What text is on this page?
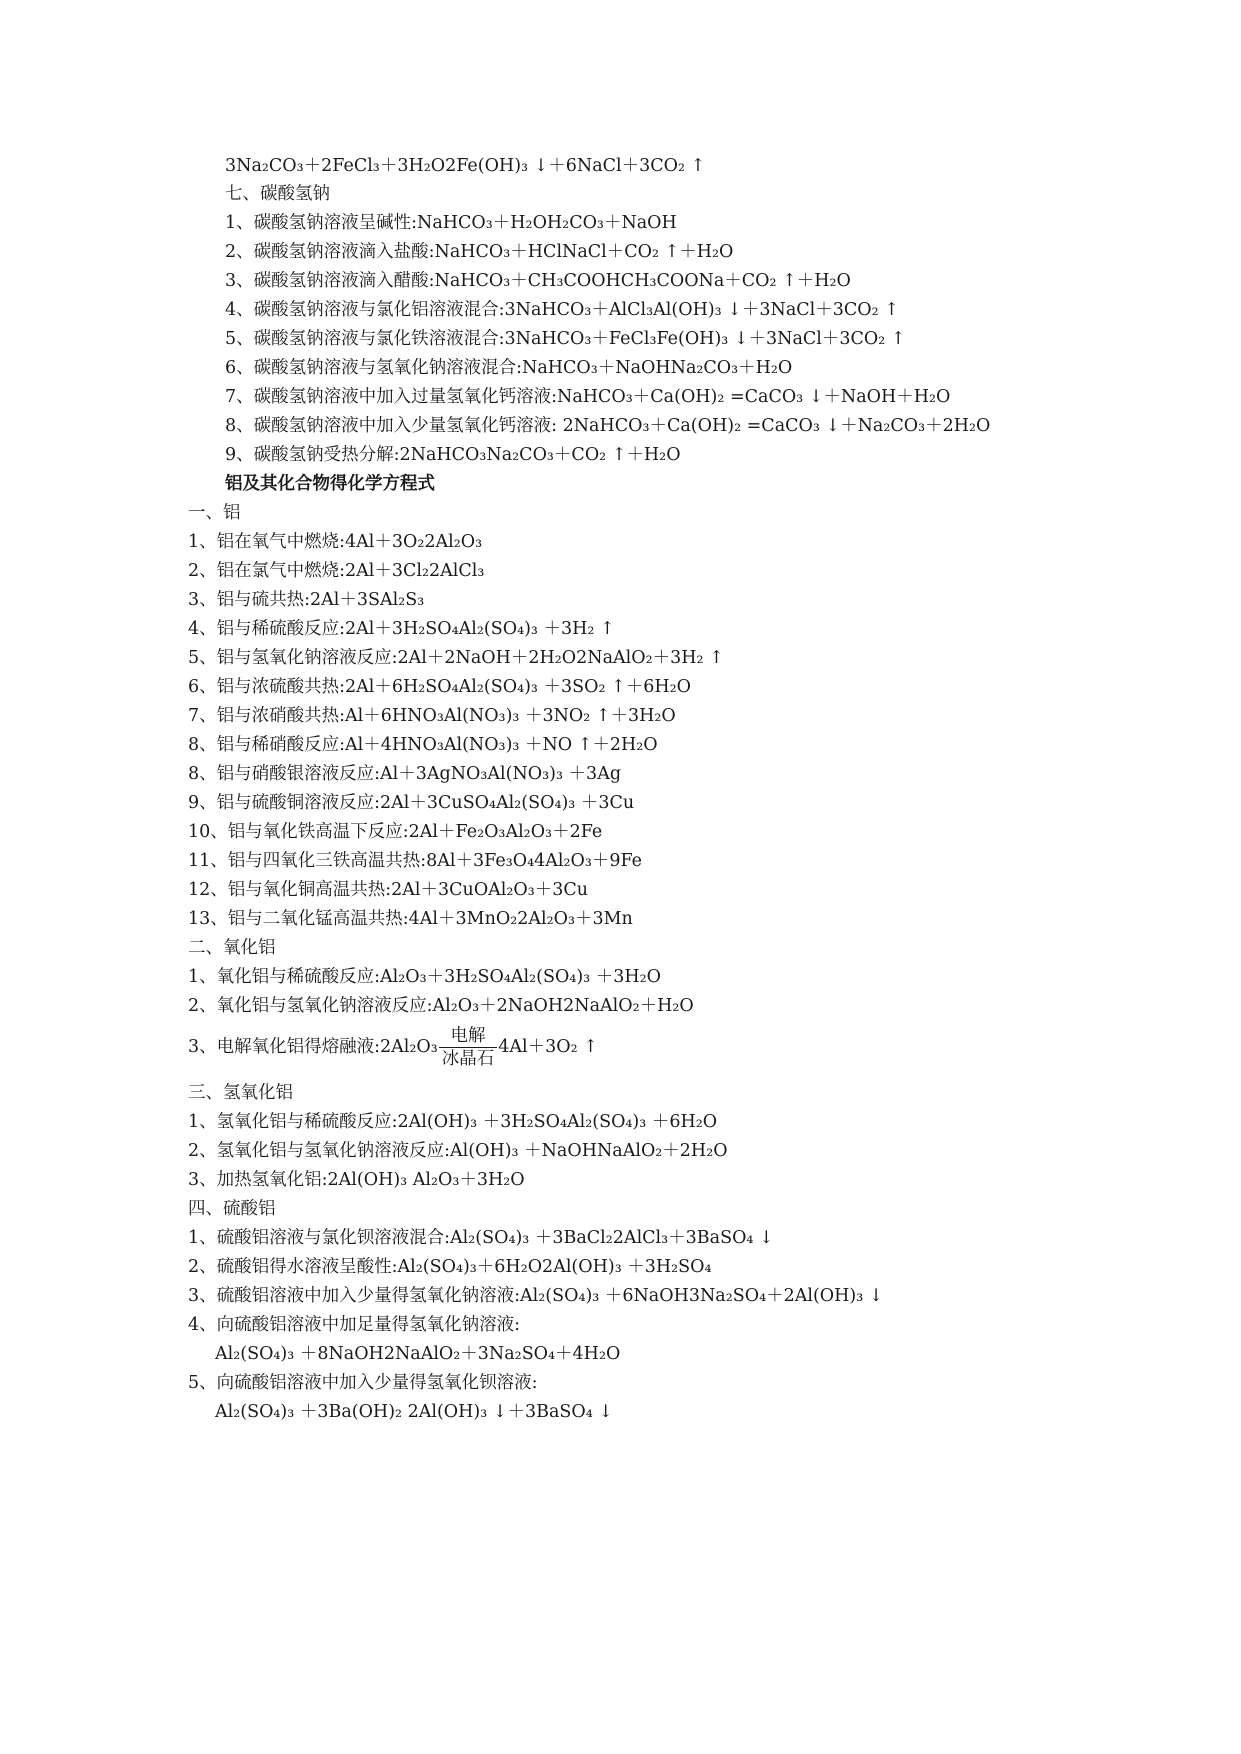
3Na₂CO₃＋2FeCl₃＋3H₂O2Fe(OH)₃ ↓＋6NaCl＋3CO₂ ↑
七、碳酸氢钠
1、碳酸氢钠溶液呈碱性:NaHCO₃＋H₂OH₂CO₃＋NaOH
2、碳酸氢钠溶液滴入盐酸:NaHCO₃＋HClNaCl＋CO₂ ↑＋H₂O
3、碳酸氢钠溶液滴入醋酸:NaHCO₃＋CH₃COOHCH₃COONa＋CO₂ ↑＋H₂O
4、碳酸氢钠溶液与氯化铝溶液混合:3NaHCO₃＋AlCl₃Al(OH)₃ ↓＋3NaCl＋3CO₂ ↑
5、碳酸氢钠溶液与氯化铁溶液混合:3NaHCO₃＋FeCl₃Fe(OH)₃ ↓＋3NaCl＋3CO₂ ↑
6、碳酸氢钠溶液与氢氧化钠溶液混合:NaHCO₃＋NaOHNa₂CO₃＋H₂O
7、碳酸氢钠溶液中加入过量氢氧化钙溶液:NaHCO₃＋Ca(OH)₂ =CaCO₃ ↓＋NaOH＋H₂O
8、碳酸氢钠溶液中加入少量氢氧化钙溶液: 2NaHCO₃＋Ca(OH)₂ =CaCO₃ ↓＋Na₂CO₃＋2H₂O
9、碳酸氢钠受热分解:2NaHCO₃Na₂CO₃＋CO₂ ↑＋H₂O
铝及其化合物得化学方程式
一、铝
1、铝在氧气中燃烧:4Al＋3O₂2Al₂O₃
2、铝在氯气中燃烧:2Al＋3Cl₂2AlCl₃
3、铝与硫共热:2Al＋3SAl₂S₃
4、铝与稀硫酸反应:2Al＋3H₂SO₄Al₂(SO₄)₃ ＋3H₂ ↑
5、铝与氢氧化钠溶液反应:2Al＋2NaOH＋2H₂O2NaAlO₂＋3H₂ ↑
6、铝与浓硫酸共热:2Al＋6H₂SO₄Al₂(SO₄)₃ ＋3SO₂ ↑＋6H₂O
7、铝与浓硝酸共热:Al＋6HNO₃Al(NO₃)₃ ＋3NO₂ ↑＋3H₂O
8、铝与稀硝酸反应:Al＋4HNO₃Al(NO₃)₃ ＋NO ↑＋2H₂O
8、铝与硝酸银溶液反应:Al＋3AgNO₃Al(NO₃)₃ ＋3Ag
9、铝与硫酸铜溶液反应:2Al＋3CuSO₄Al₂(SO₄)₃ ＋3Cu
10、铝与氧化铁高温下反应:2Al＋Fe₂O₃Al₂O₃＋2Fe
11、铝与四氧化三铁高温共热:8Al＋3Fe₃O₄4Al₂O₃＋9Fe
12、铝与氧化铜高温共热:2Al＋3CuOAl₂O₃＋3Cu
13、铝与二氧化锰高温共热:4Al＋3MnO₂2Al₂O₃＋3Mn
二、氧化铝
1、氧化铝与稀硫酸反应:Al₂O₃＋3H₂SO₄Al₂(SO₄)₃ ＋3H₂O
2、氧化铝与氢氧化钠溶液反应:Al₂O₃＋2NaOH2NaAlO₂＋H₂O
3、电解氧化铝得熔融液:2Al₂O₃ $\frac{\text{电解}}{\text{冰晶石}} 4Al+3O_2$ ↑
三、氢氧化铝
1、氢氧化铝与稀硫酸反应:2Al(OH)₃ ＋3H₂SO₄Al₂(SO₄)₃ ＋6H₂O
2、氢氧化铝与氢氧化钠溶液反应:Al(OH)₃ ＋NaOHNaAlO₂＋2H₂O
3、加热氢氧化铝:2Al(OH)₃ Al₂O₃＋3H₂O
四、硫酸铝
1、硫酸铝溶液与氯化钡溶液混合:Al₂(SO₄)₃ ＋3BaCl₂2AlCl₃＋3BaSO₄ ↓
2、硫酸铝得水溶液呈酸性:Al₂(SO₄)₃＋6H₂O2Al(OH)₃ ＋3H₂SO₄
3、硫酸铝溶液中加入少量得氢氧化钠溶液:Al₂(SO₄)₃ ＋6NaOH3Na₂SO₄＋2Al(OH)₃ ↓
4、向硫酸铝溶液中加足量得氢氧化钠溶液:
Al₂(SO₄)₃ ＋8NaOH2NaAlO₂＋3Na₂SO₄＋4H₂O
5、向硫酸铝溶液中加入少量得氢氧化钡溶液:
Al₂(SO₄)₃ ＋3Ba(OH)₂ 2Al(OH)₃ ↓＋3BaSO₄ ↓
